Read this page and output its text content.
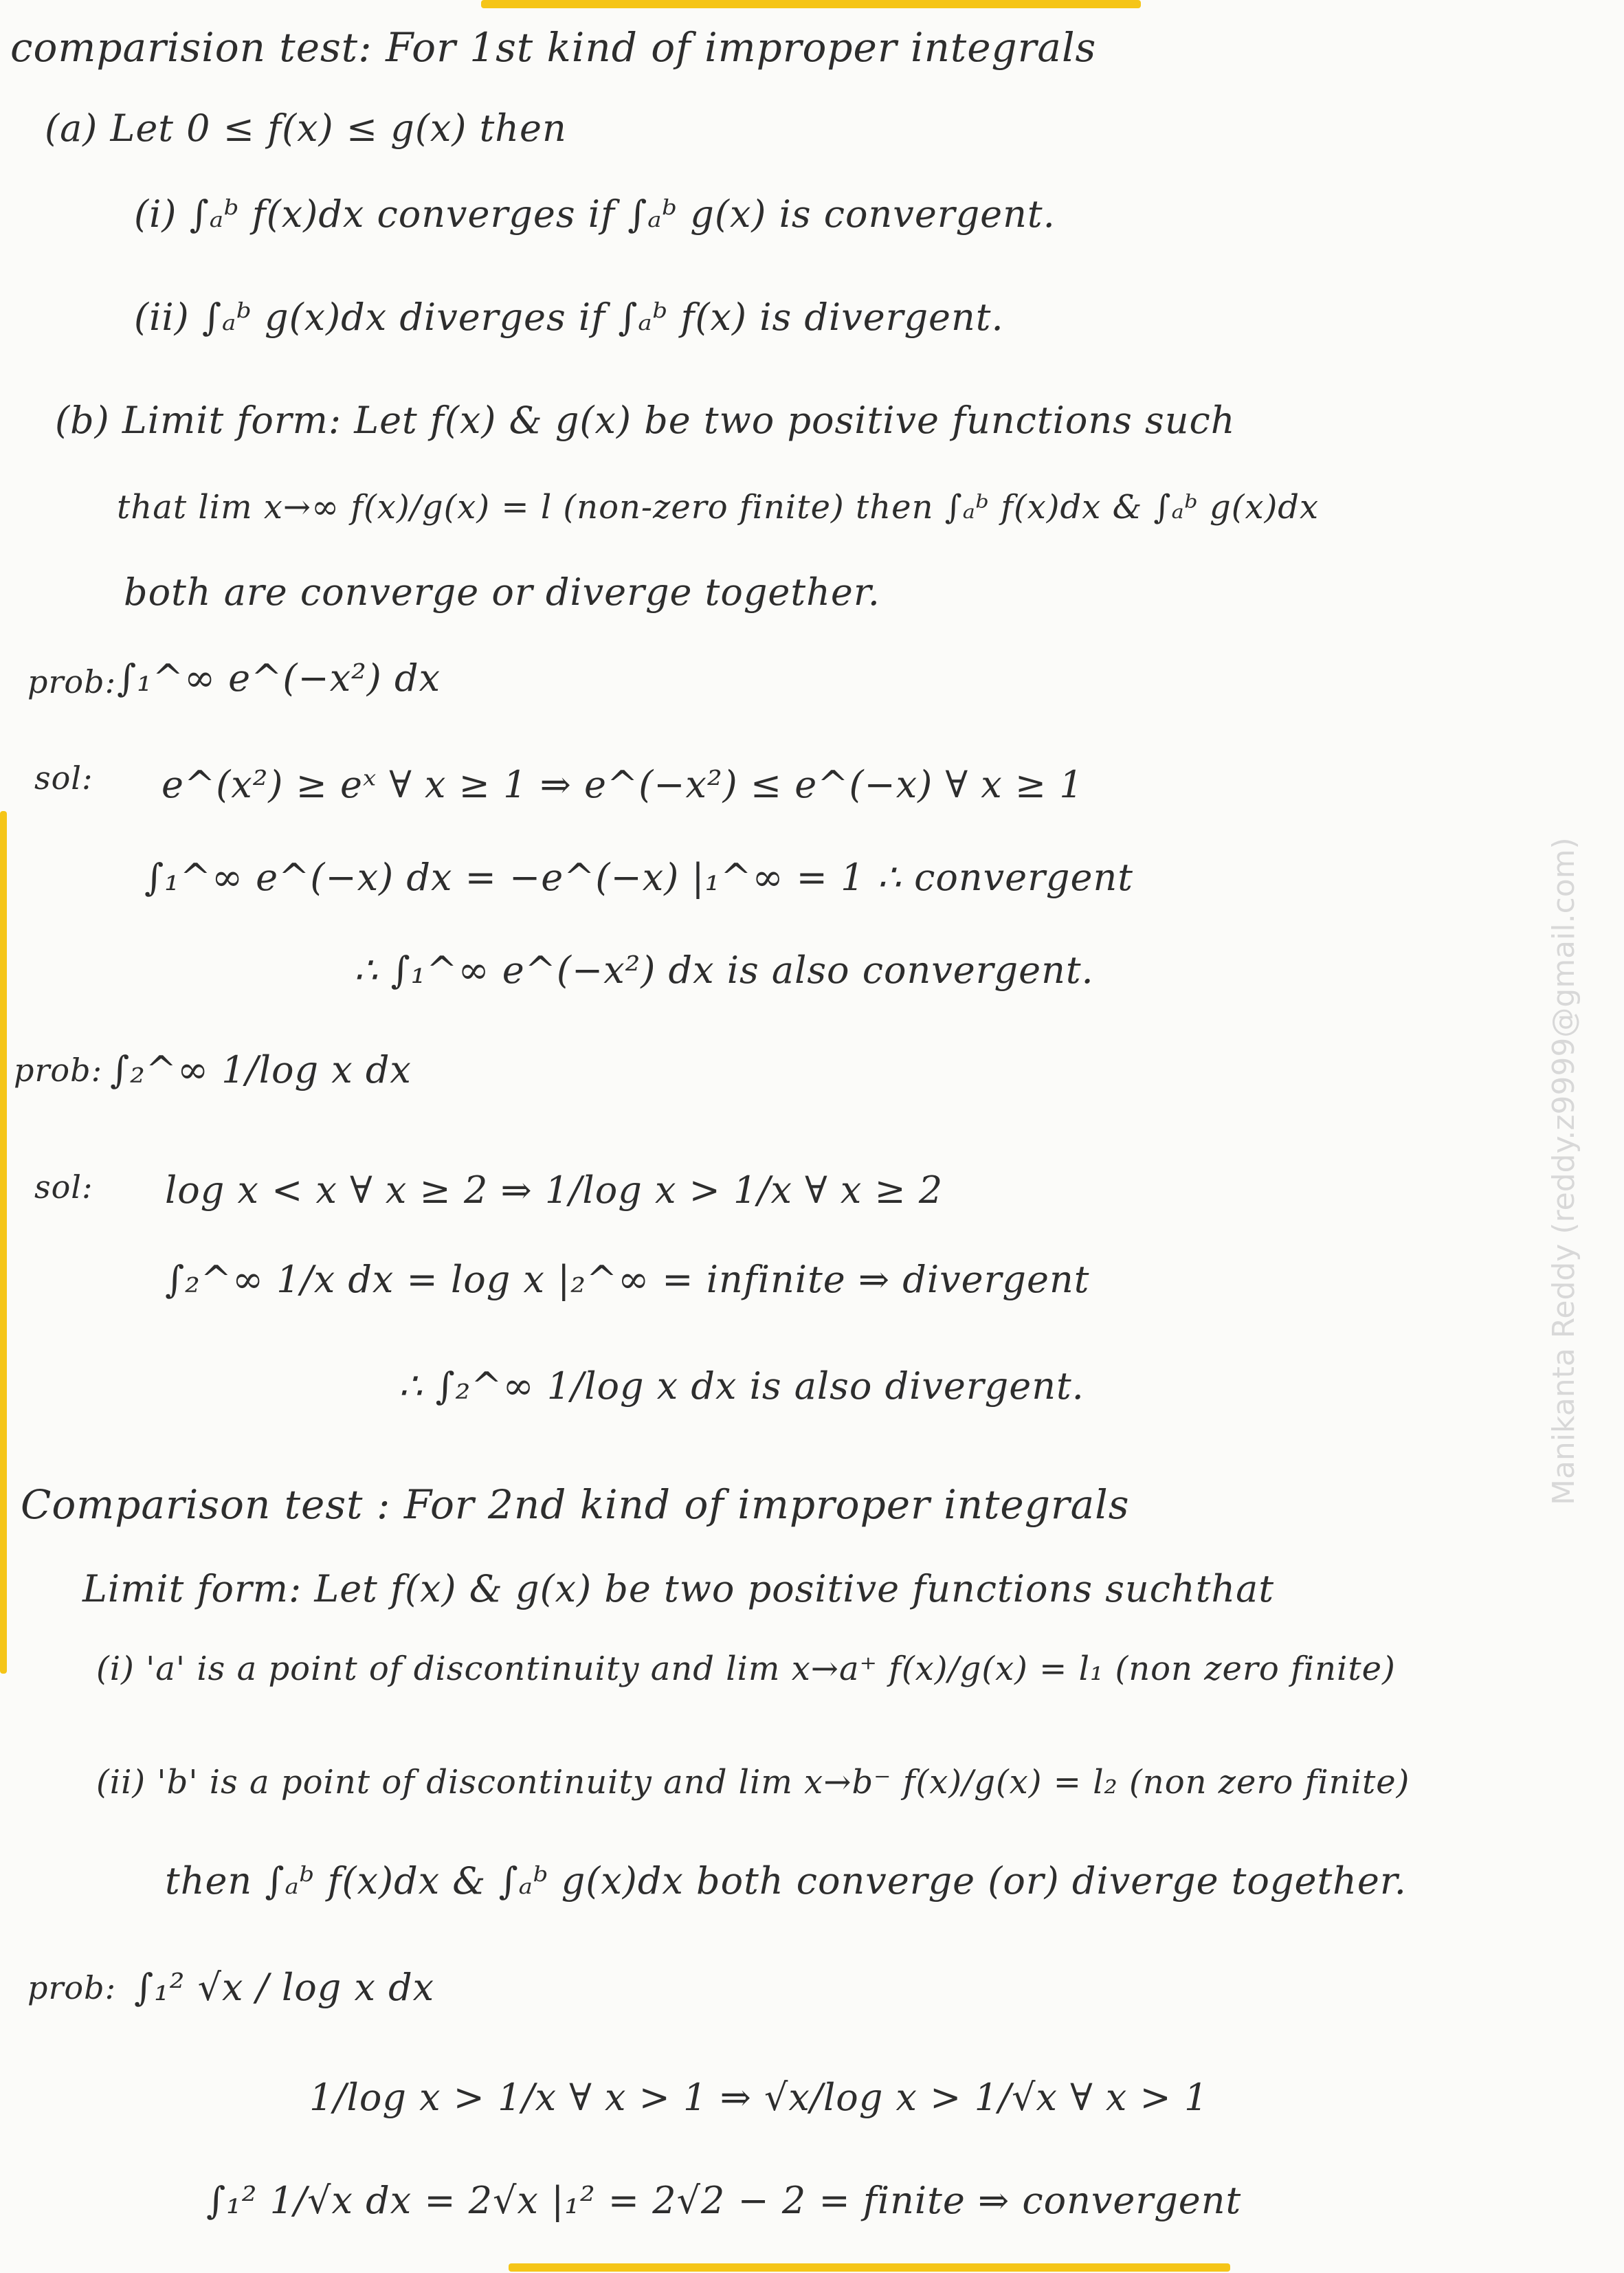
Manikanta Reddy (reddy.z9999@gmail.com)
comparision test: For 1st kind of improper integrals
(a) Let 0 ≤ f(x) ≤ g(x) then
(i) ∫ₐᵇ f(x)dx converges if ∫ₐᵇ g(x) is convergent.
(ii) ∫ₐᵇ g(x)dx diverges if ∫ₐᵇ f(x) is divergent.
(b) Limit form: Let f(x) & g(x) be two positive functions such
that lim x→∞ f(x)/g(x) = l (non-zero finite) then ∫ₐᵇ f(x)dx & ∫ₐᵇ g(x)dx
both are converge or diverge together.
prob: ∫₁^∞ e^(−x²) dx
sol: e^(x²) ≥ eˣ ∀ x ≥ 1 ⇒ e^(−x²) ≤ e^(−x) ∀ x ≥ 1
∫₁^∞ e^(−x) dx = −e^(−x) |₁^∞ = 1 ∴ convergent
∴ ∫₁^∞ e^(−x²) dx is also convergent.
prob: ∫₂^∞ 1/log x dx
sol: log x < x ∀ x ≥ 2 ⇒ 1/log x > 1/x ∀ x ≥ 2
∫₂^∞ 1/x dx = log x |₂^∞ = infinite ⇒ divergent
∴ ∫₂^∞ 1/log x dx is also divergent.
Comparison test : For 2nd kind of improper integrals
Limit form: Let f(x) & g(x) be two positive functions suchthat
(i) 'a' is a point of discontinuity and lim x→a⁺ f(x)/g(x) = l₁ (non zero finite)
(ii) 'b' is a point of discontinuity and lim x→b⁻ f(x)/g(x) = l₂ (non zero finite)
then ∫ₐᵇ f(x)dx & ∫ₐᵇ g(x)dx both converge (or) diverge together.
prob: ∫₁² √x / log x dx
1/log x > 1/x ∀ x > 1 ⇒ √x/log x > 1/√x ∀ x > 1
∫₁² 1/√x dx = 2√x |₁² = 2√2 − 2 = finite ⇒ convergent
